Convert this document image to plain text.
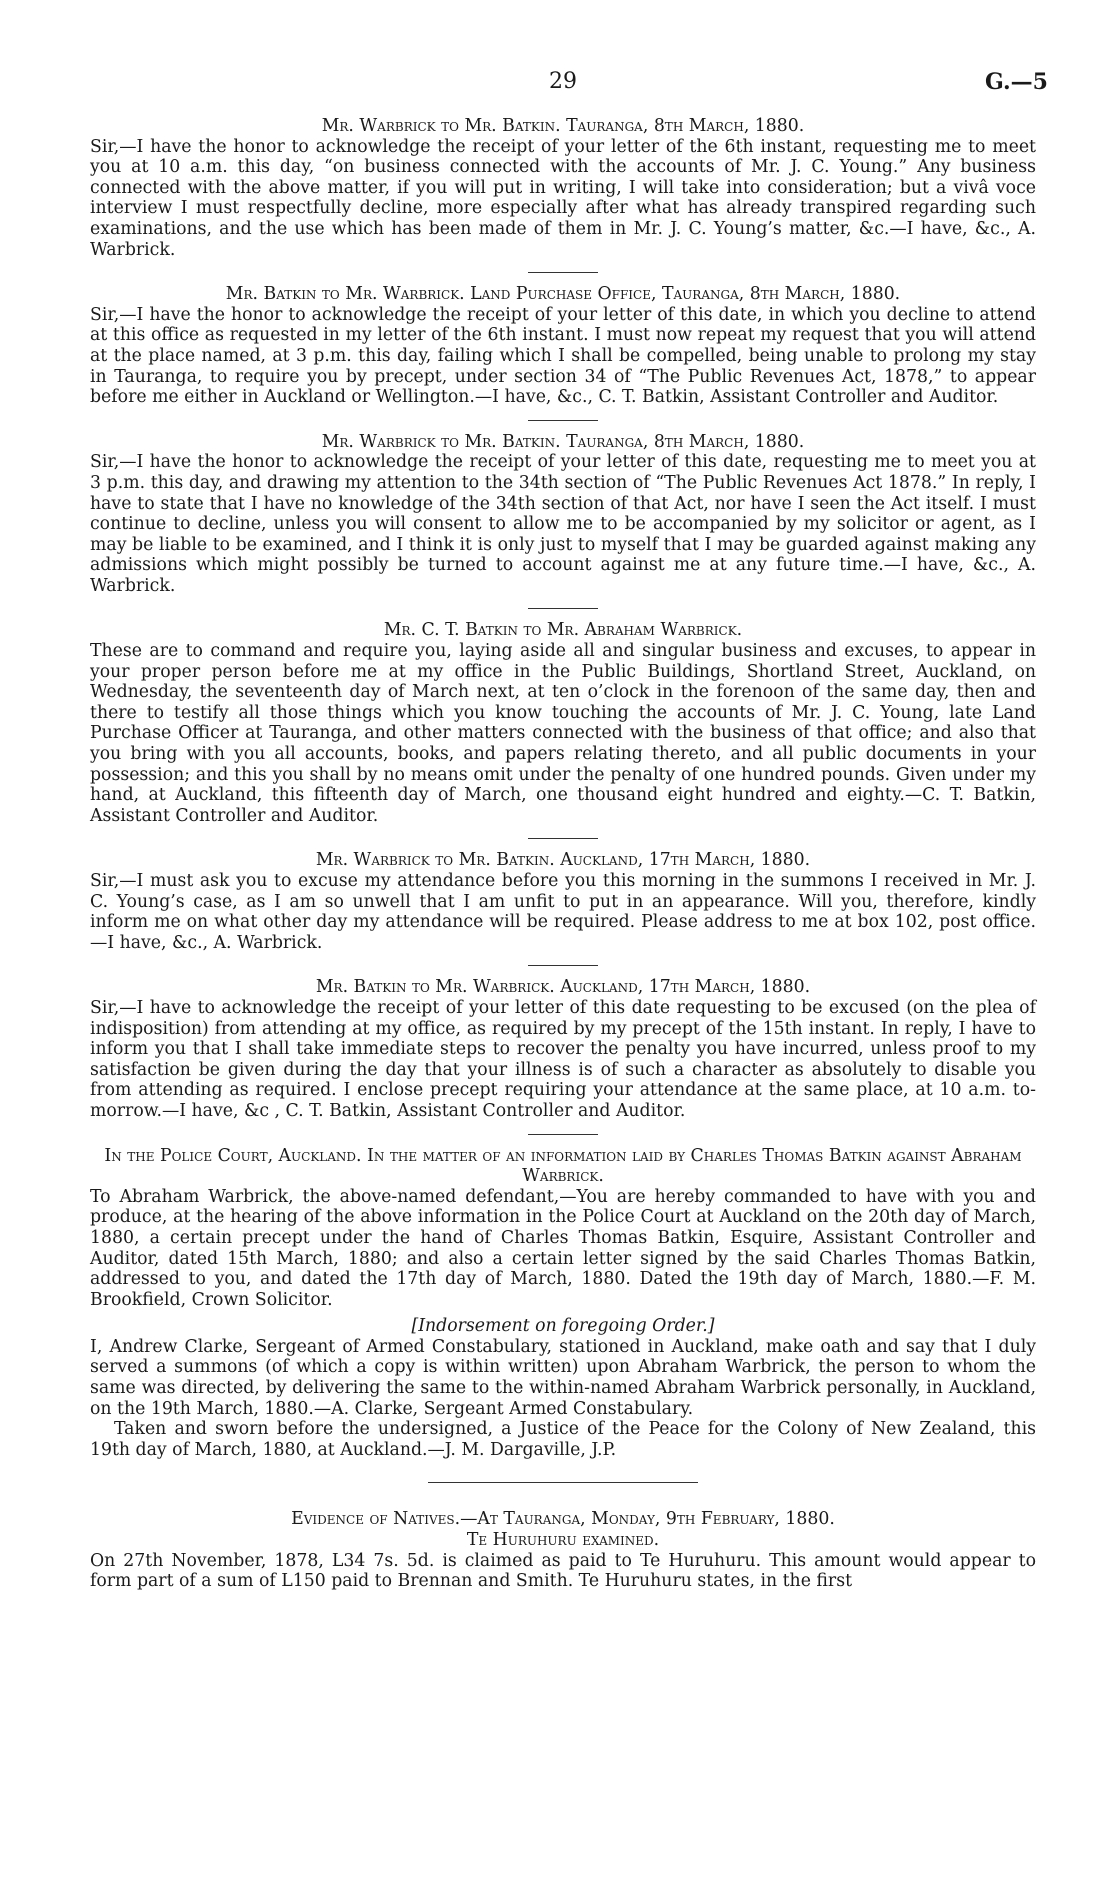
29	G.—5

Mr. Warbrick to Mr. Batkin. Tauranga, 8th March, 1880.

Sir,—I have the honor to acknowledge the receipt of your letter of the 6th instant, requesting me to meet you at 10 a.m. this day, “on business connected with the accounts of Mr. J. C. Young.” Any business connected with the above matter, if you will put in writing, I will take into consideration; but a vivâ voce interview I must respectfully decline, more especially after what has already transpired regarding such examinations, and the use which has been made of them in Mr. J. C. Young’s matter, &c.—I have, &c., A. Warbrick.

Mr. Batkin to Mr. Warbrick. Land Purchase Office, Tauranga, 8th March, 1880.

Sir,—I have the honor to acknowledge the receipt of your letter of this date, in which you decline to attend at this office as requested in my letter of the 6th instant. I must now repeat my request that you will attend at the place named, at 3 p.m. this day, failing which I shall be compelled, being unable to prolong my stay in Tauranga, to require you by precept, under section 34 of “The Public Revenues Act, 1878,” to appear before me either in Auckland or Wellington.—I have, &c., C. T. Batkin, Assistant Controller and Auditor.

Mr. Warbrick to Mr. Batkin. Tauranga, 8th March, 1880.

Sir,—I have the honor to acknowledge the receipt of your letter of this date, requesting me to meet you at 3 p.m. this day, and drawing my attention to the 34th section of “The Public Revenues Act 1878.” In reply, I have to state that I have no knowledge of the 34th section of that Act, nor have I seen the Act itself. I must continue to decline, unless you will consent to allow me to be accompanied by my solicitor or agent, as I may be liable to be examined, and I think it is only just to myself that I may be guarded against making any admissions which might possibly be turned to account against me at any future time.—I have, &c., A. Warbrick.

Mr. C. T. Batkin to Mr. Abraham Warbrick.

These are to command and require you, laying aside all and singular business and excuses, to appear in your proper person before me at my office in the Public Buildings, Shortland Street, Auckland, on Wednesday, the seventeenth day of March next, at ten o’clock in the forenoon of the same day, then and there to testify all those things which you know touching the accounts of Mr. J. C. Young, late Land Purchase Officer at Tauranga, and other matters connected with the business of that office; and also that you bring with you all accounts, books, and papers relating thereto, and all public documents in your possession; and this you shall by no means omit under the penalty of one hundred pounds. Given under my hand, at Auckland, this fifteenth day of March, one thousand eight hundred and eighty.—C. T. Batkin, Assistant Controller and Auditor.

Mr. Warbrick to Mr. Batkin. Auckland, 17th March, 1880.

Sir,—I must ask you to excuse my attendance before you this morning in the summons I received in Mr. J. C. Young’s case, as I am so unwell that I am unfit to put in an appearance. Will you, therefore, kindly inform me on what other day my attendance will be required. Please address to me at box 102, post office.—I have, &c., A. Warbrick.

Mr. Batkin to Mr. Warbrick. Auckland, 17th March, 1880.

Sir,—I have to acknowledge the receipt of your letter of this date requesting to be excused (on the plea of indisposition) from attending at my office, as required by my precept of the 15th instant. In reply, I have to inform you that I shall take immediate steps to recover the penalty you have incurred, unless proof to my satisfaction be given during the day that your illness is of such a character as absolutely to disable you from attending as required. I enclose precept requiring your attendance at the same place, at 10 a.m. to-morrow.—I have, &c , C. T. Batkin, Assistant Controller and Auditor.

In the Police Court, Auckland. In the matter of an information laid by Charles Thomas Batkin against Abraham Warbrick.

To Abraham Warbrick, the above-named defendant,—You are hereby commanded to have with you and produce, at the hearing of the above information in the Police Court at Auckland on the 20th day of March, 1880, a certain precept under the hand of Charles Thomas Batkin, Esquire, Assistant Controller and Auditor, dated 15th March, 1880; and also a certain letter signed by the said Charles Thomas Batkin, addressed to you, and dated the 17th day of March, 1880. Dated the 19th day of March, 1880.—F. M. Brookfield, Crown Solicitor.

[Indorsement on foregoing Order.]

I, Andrew Clarke, Sergeant of Armed Constabulary, stationed in Auckland, make oath and say that I duly served a summons (of which a copy is within written) upon Abraham Warbrick, the person to whom the same was directed, by delivering the same to the within-named Abraham Warbrick personally, in Auckland, on the 19th March, 1880.—A. Clarke, Sergeant Armed Constabulary.

Taken and sworn before the undersigned, a Justice of the Peace for the Colony of New Zealand, this 19th day of March, 1880, at Auckland.—J. M. Dargaville, J.P.

Evidence of Natives.—At Tauranga, Monday, 9th February, 1880.

Te Huruhuru examined.

On 27th November, 1878, L34 7s. 5d. is claimed as paid to Te Huruhuru. This amount would appear to form part of a sum of L150 paid to Brennan and Smith. Te Huruhuru states, in the first
